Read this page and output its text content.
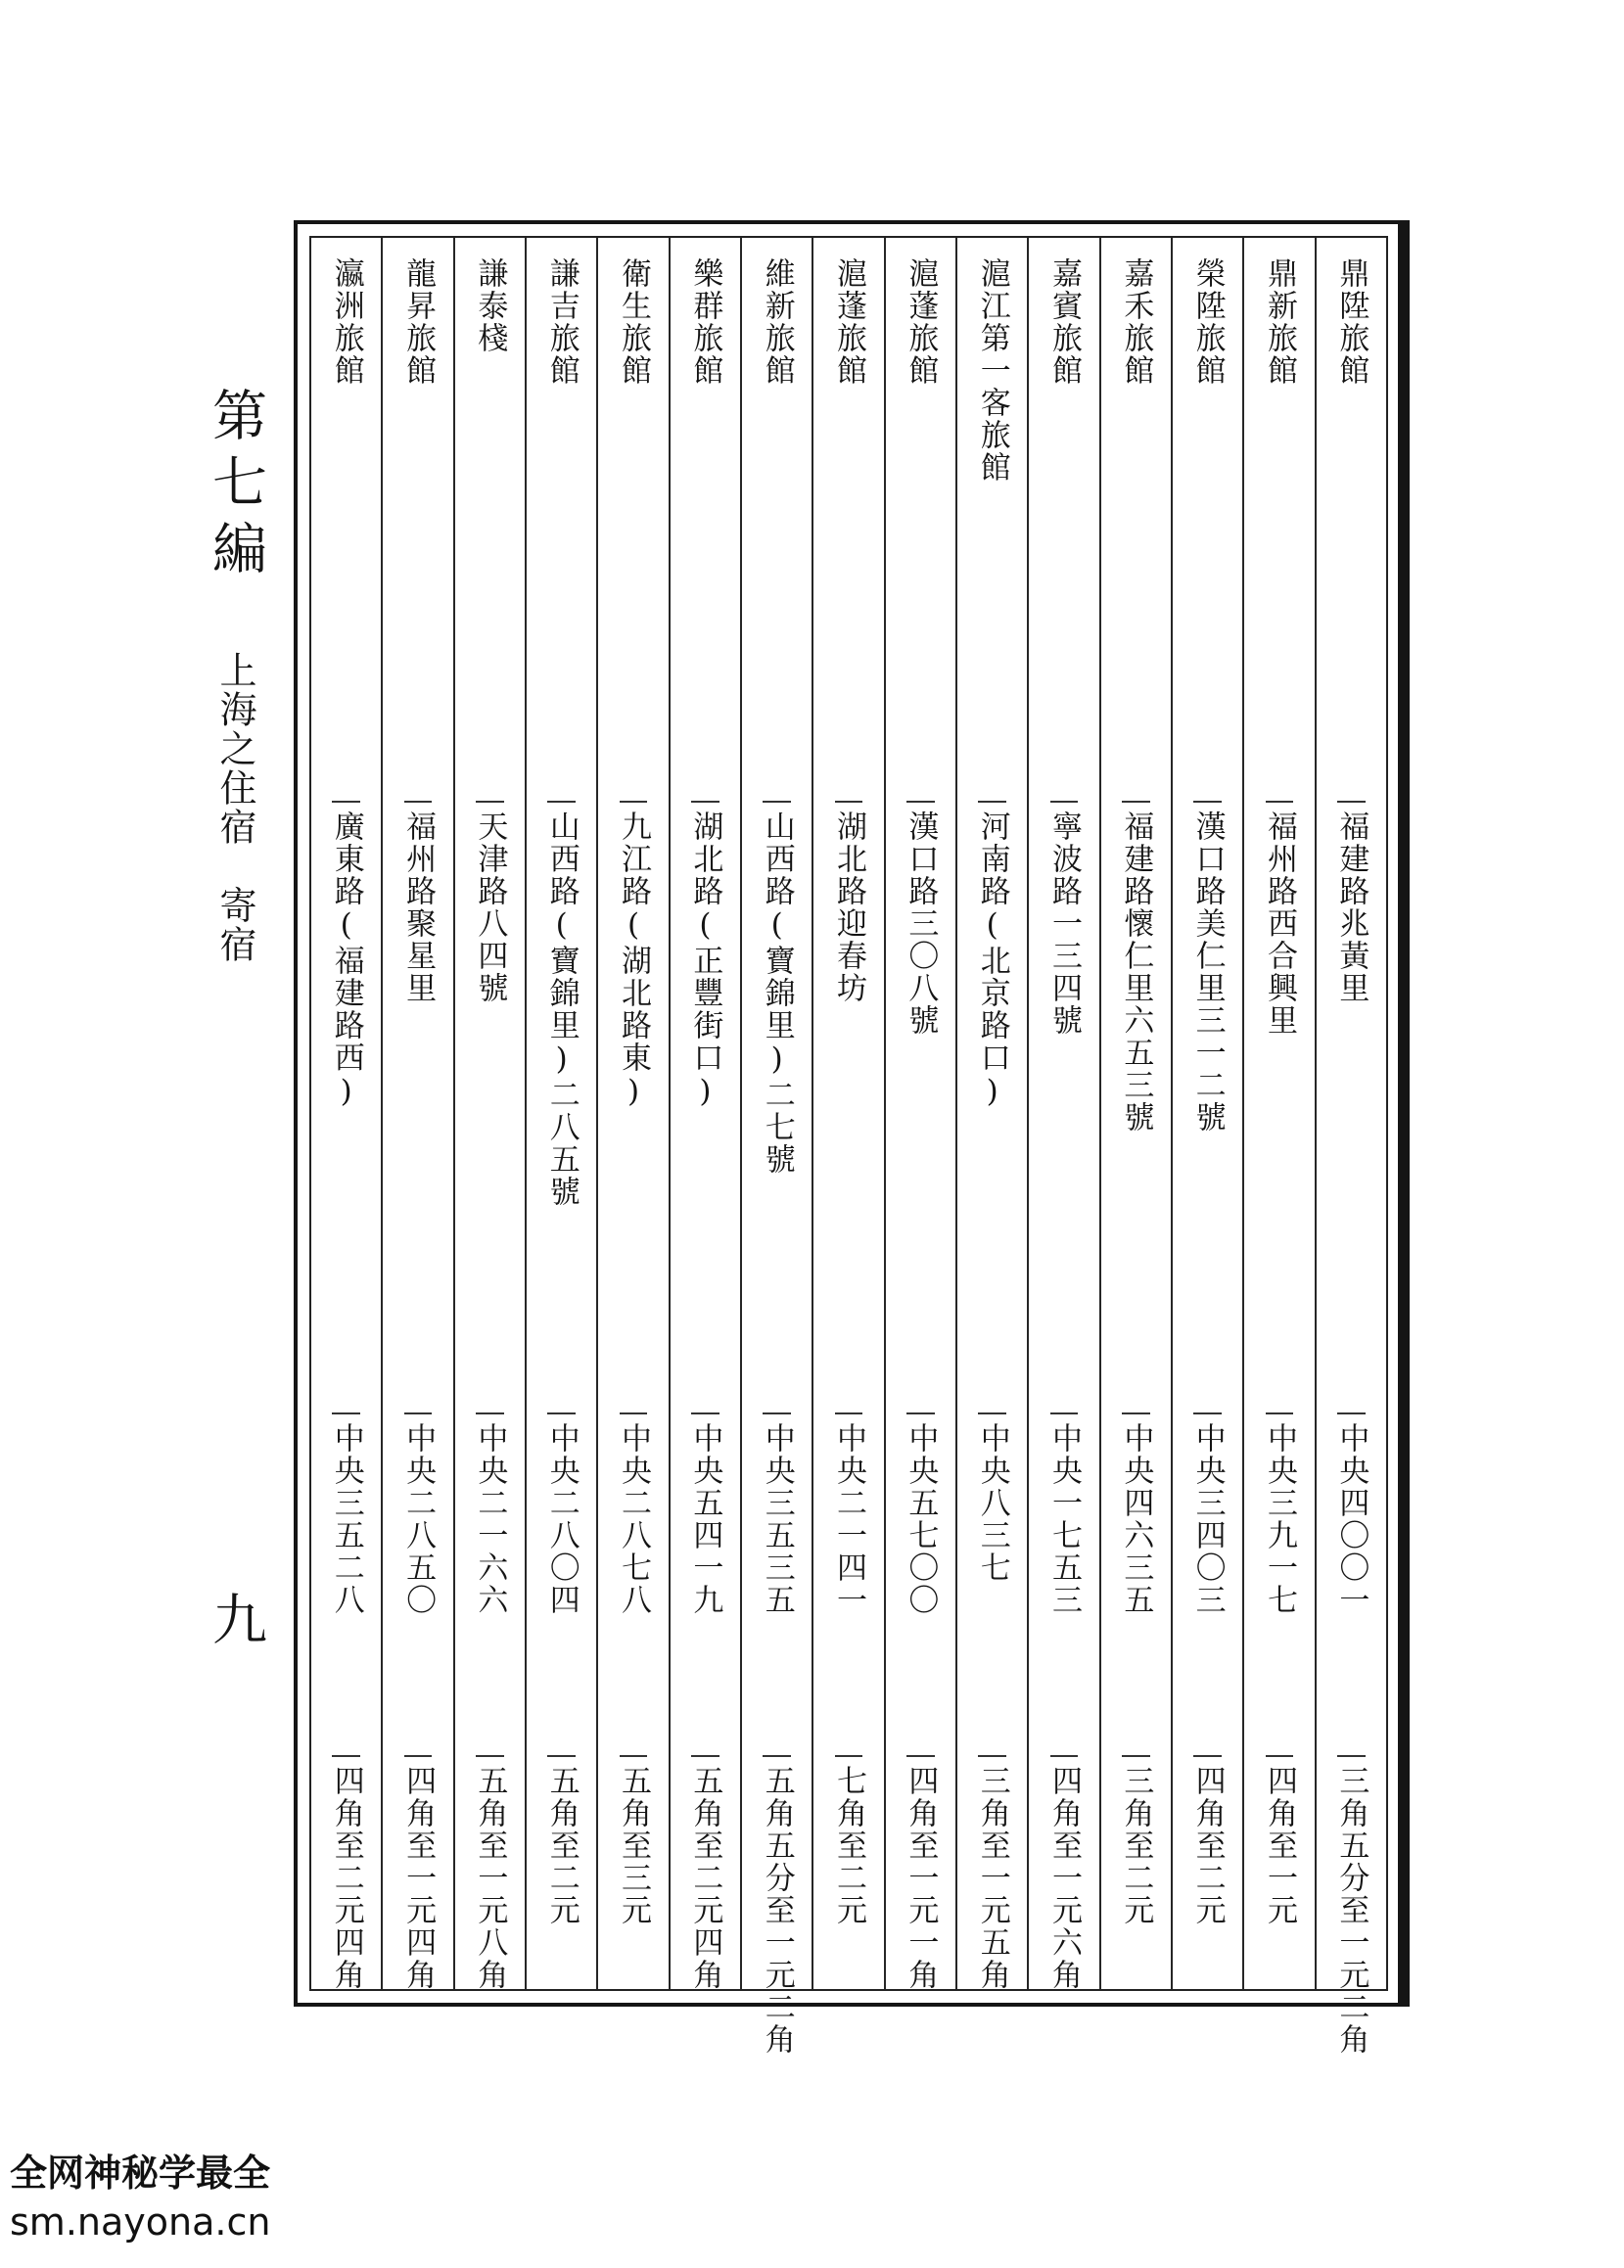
第七編
上海之住宿　寄宿
九
鼎陞旅館
福建路兆黃里
中央四〇〇一
三角五分至一元二角
鼎新旅館
福州路西合興里
中央三九一七
四角至一元
榮陞旅館
漢口路美仁里三一二號
中央三四〇三
四角至二元
嘉禾旅館
福建路懷仁里六五三號
中央四六三五
三角至二元
嘉賓旅館
寧波路一三四號
中央一七五三
四角至一元六角
滬江第一客旅館
河南路(北京路口)
中央八三七
三角至一元五角
滬蓬旅館
漢口路三〇八號
中央五七〇〇
四角至一元一角
滬蓬旅館
湖北路迎春坊
中央二一四一
七角至二元
維新旅館
山西路(寶錦里)二七號
中央三五三五
五角五分至一元二角
樂群旅館
湖北路(正豐街口)
中央五四一九
五角至二元四角
衛生旅館
九江路(湖北路東)
中央二八七八
五角至三元
謙吉旅館
山西路(寶錦里)二八五號
中央二八〇四
五角至二元
謙泰棧
天津路八四號
中央二一六六
五角至一元八角
龍昇旅館
福州路聚星里
中央二八五〇
四角至一元四角
瀛洲旅館
廣東路(福建路西)
中央三五二八
四角至二元四角
全网神秘学最全
sm.nayona.cn
